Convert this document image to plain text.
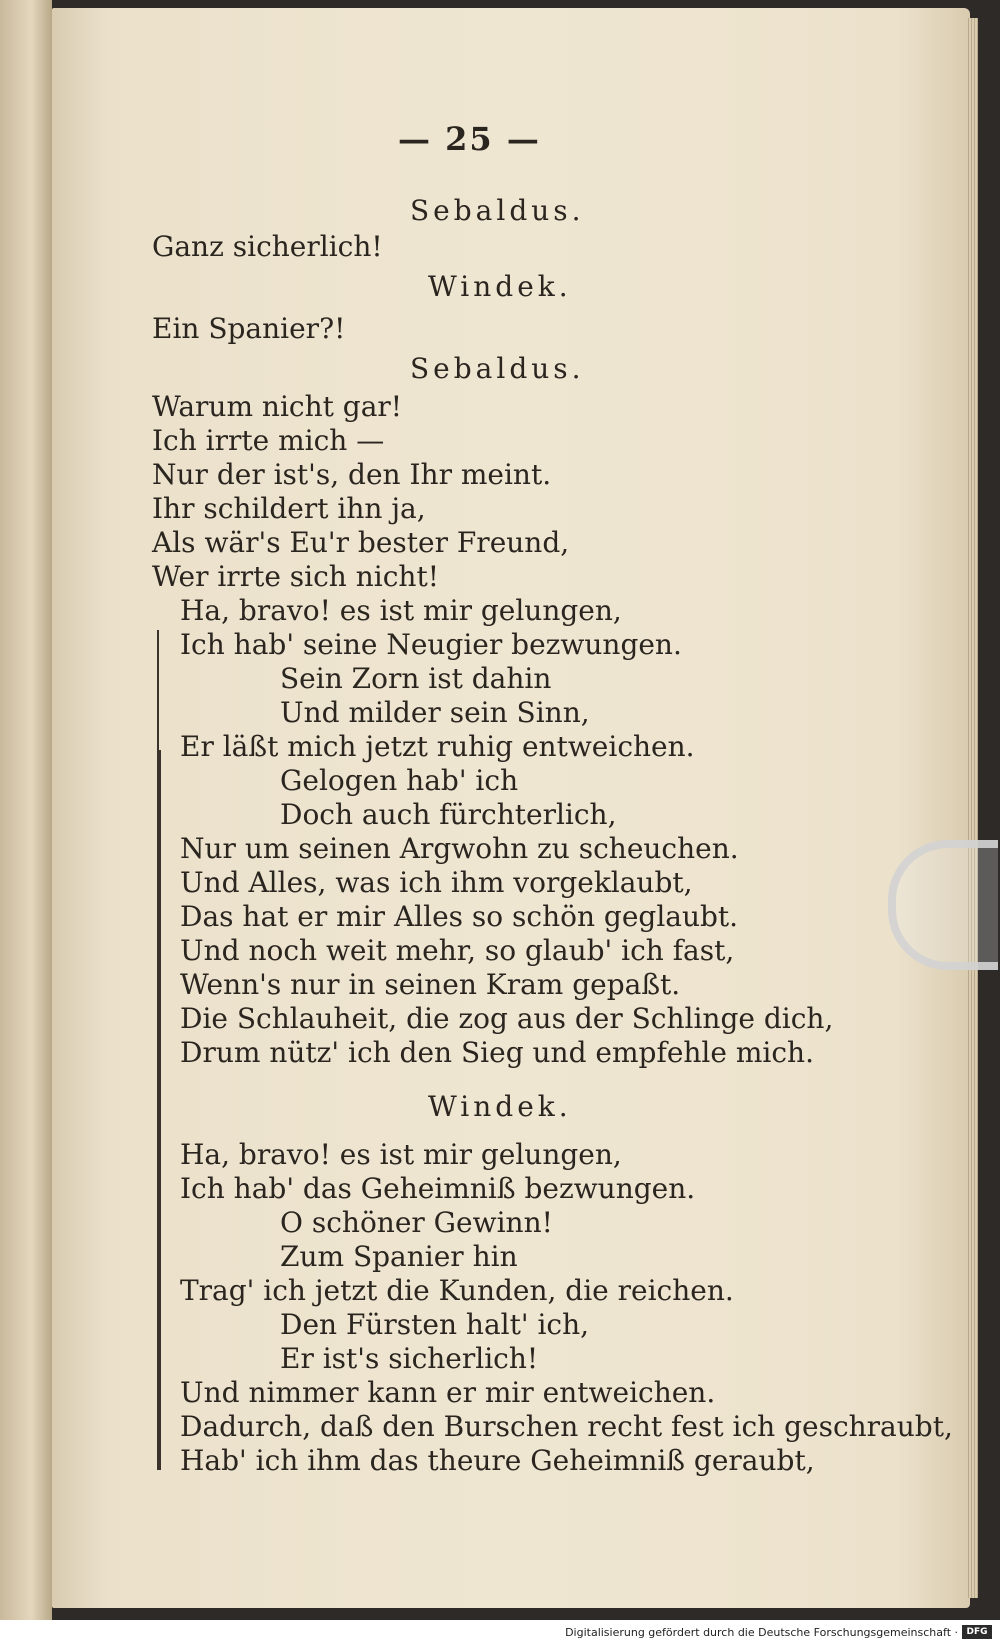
— 25 —
Sebaldus.
Ganz sicherlich!
Windek.
Ein Spanier?!
Sebaldus.
Warum nicht gar!
Ich irrte mich —
Nur der ist's, den Ihr meint.
Ihr schildert ihn ja,
Als wär's Eu'r bester Freund,
Wer irrte sich nicht!
Ha, bravo! es ist mir gelungen,
Ich hab' seine Neugier bezwungen.
Sein Zorn ist dahin
Und milder sein Sinn,
Er läßt mich jetzt ruhig entweichen.
Gelogen hab' ich
Doch auch fürchterlich,
Nur um seinen Argwohn zu scheuchen.
Und Alles, was ich ihm vorgeklaubt,
Das hat er mir Alles so schön geglaubt.
Und noch weit mehr, so glaub' ich fast,
Wenn's nur in seinen Kram gepaßt.
Die Schlauheit, die zog aus der Schlinge dich,
Drum nütz' ich den Sieg und empfehle mich.
Windek.
Ha, bravo! es ist mir gelungen,
Ich hab' das Geheimniß bezwungen.
O schöner Gewinn!
Zum Spanier hin
Trag' ich jetzt die Kunden, die reichen.
Den Fürsten halt' ich,
Er ist's sicherlich!
Und nimmer kann er mir entweichen.
Dadurch, daß den Burschen recht fest ich geschraubt,
Hab' ich ihm das theure Geheimniß geraubt,
Digitalisierung gefördert durch die Deutsche Forschungsgemeinschaft · DFG
